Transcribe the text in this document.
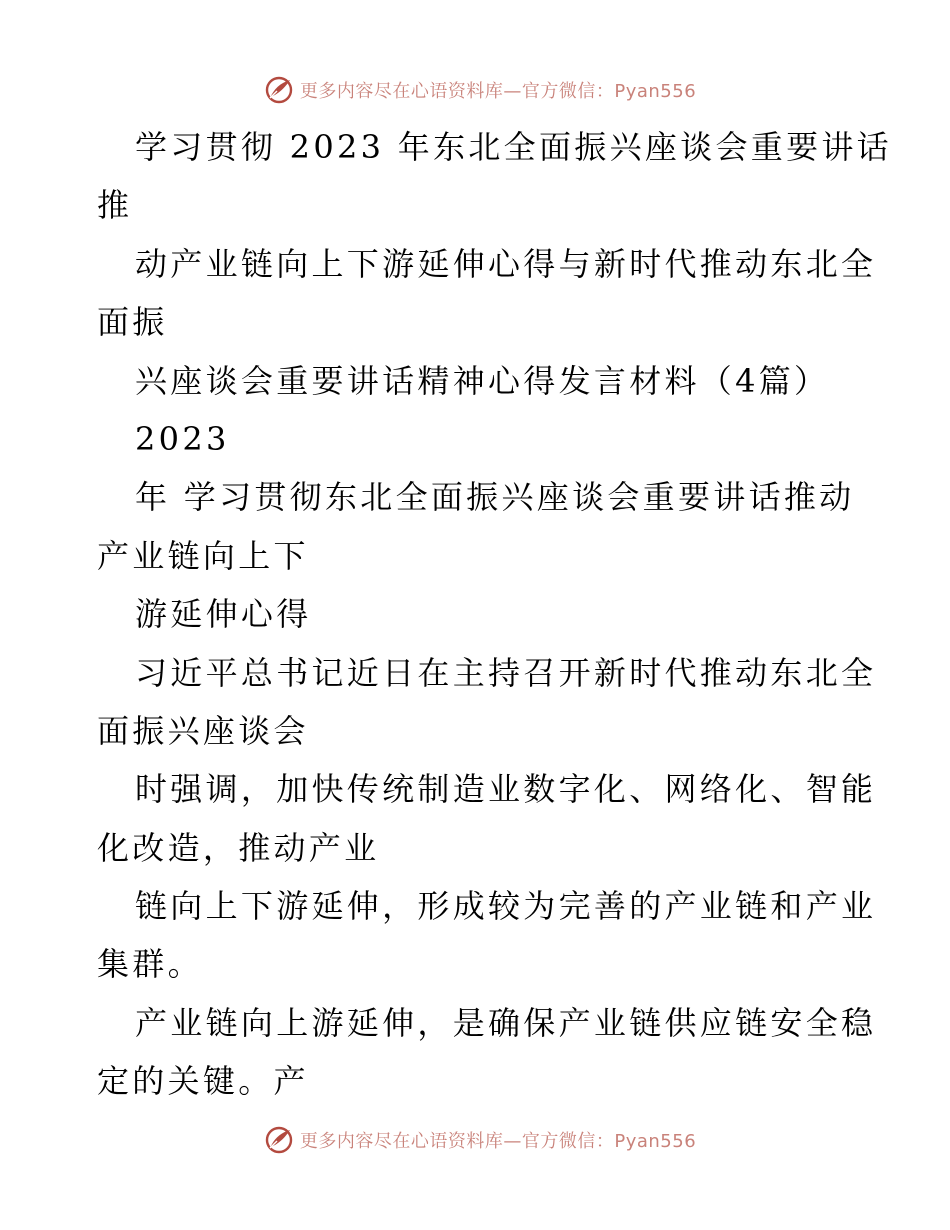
更多内容尽在心语资料库—官方微信：Pyan556
学习贯彻 2023 年东北全面振兴座谈会重要讲话
推
动产业链向上下游延伸心得与新时代推动东北全
面振
兴座谈会重要讲话精神心得发言材料（4篇）
2023
年 学习贯彻东北全面振兴座谈会重要讲话推动
产业链向上下
游延伸心得
习近平总书记近日在主持召开新时代推动东北全
面振兴座谈会
时强调，加快传统制造业数字化、网络化、智能
化改造，推动产业
链向上下游延伸，形成较为完善的产业链和产业
集群。
产业链向上游延伸，是确保产业链供应链安全稳
定的关键。产
更多内容尽在心语资料库—官方微信：Pyan556
